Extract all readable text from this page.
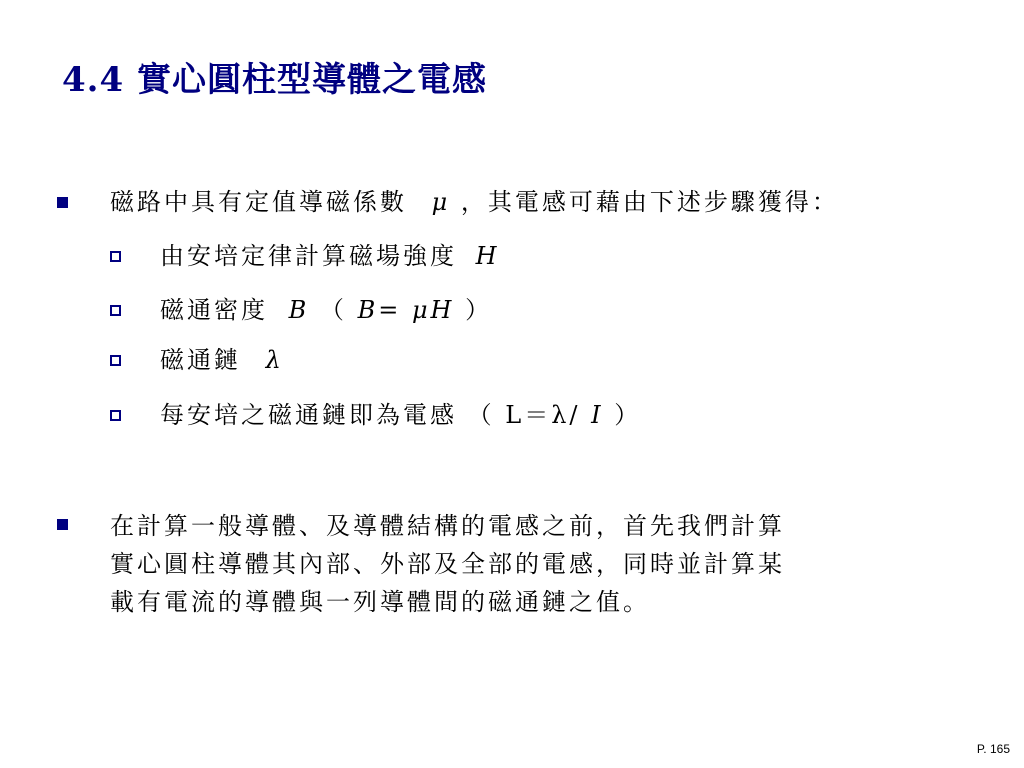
4.4 實心圓柱型導體之電感
磁路中具有定值導磁係數 μ ，其電感可藉由下述步驟獲得：
由安培定律計算磁場強度 H
磁通密度 B （ B= μH ）
磁通鏈 λ
每安培之磁通鏈即為電感 （ L＝λ/ I ）
在計算一般導體、及導體結構的電感之前，首先我們計算
實心圓柱導體其內部、外部及全部的電感，同時並計算某
載有電流的導體與一列導體間的磁通鏈之值。
P. 165
